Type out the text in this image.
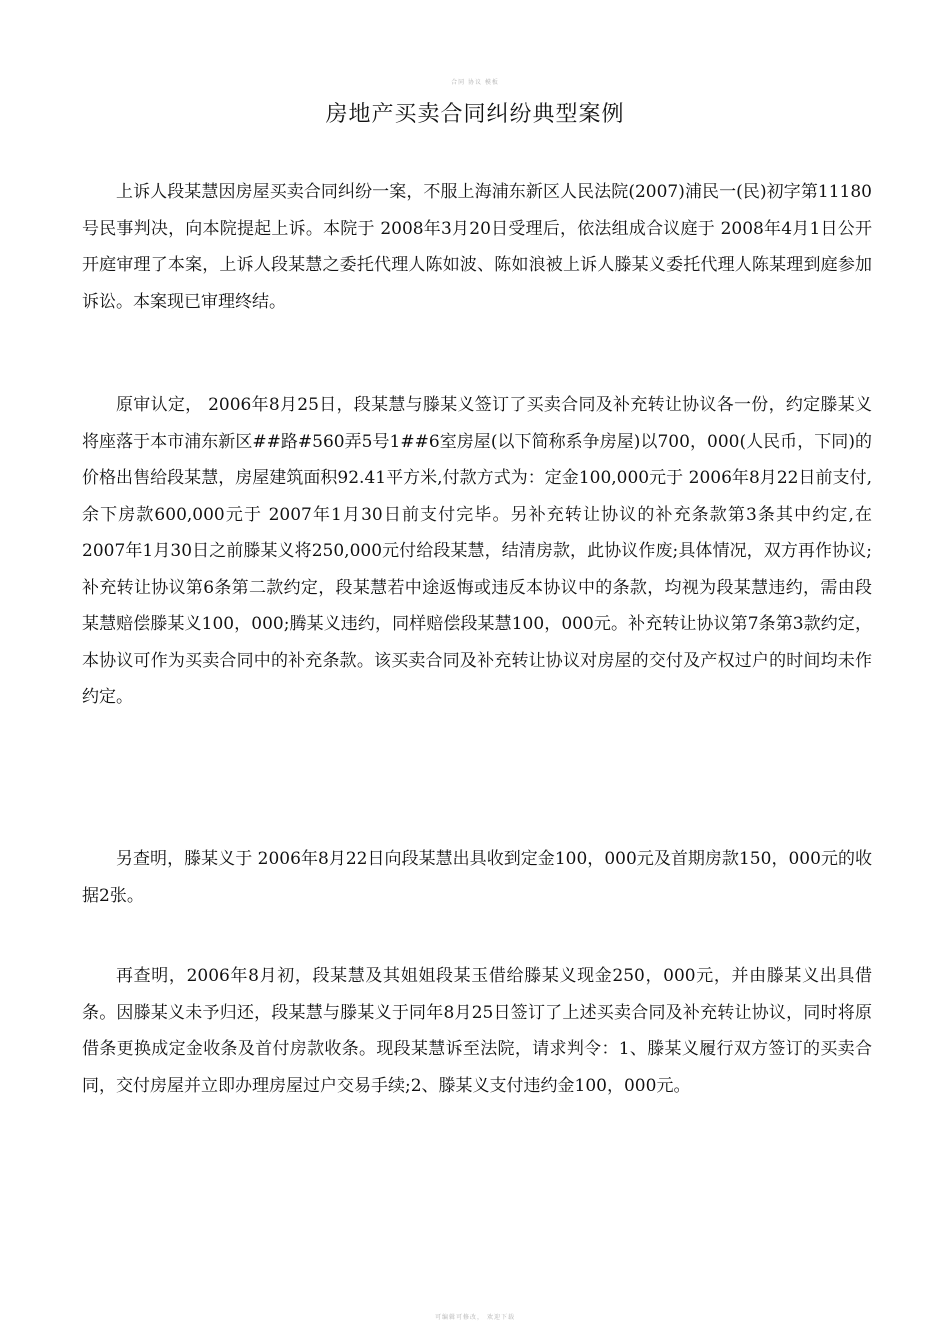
合同 协议 模板
房地产买卖合同纠纷典型案例

上诉人段某慧因房屋买卖合同纠纷一案，不服上海浦东新区人民法院(2007)浦民一(民)初字第11180号民事判决，向本院提起上诉。本院于 2008年3月20日受理后，依法组成合议庭于 2008年4月1日公开开庭审理了本案，上诉人段某慧之委托代理人陈如波、陈如浪被上诉人滕某义委托代理人陈某理到庭参加诉讼。本案现已审理终结。

原审认定， 2006年8月25日，段某慧与滕某义签订了买卖合同及补充转让协议各一份，约定滕某义将座落于本市浦东新区##路#560弄5号1##6室房屋(以下简称系争房屋)以700，000(人民币，下同)的价格出售给段某慧，房屋建筑面积92.41平方米,付款方式为：定金100,000元于 2006年8月22日前支付,余下房款600,000元于 2007年1月30日前支付完毕。另补充转让协议的补充条款第3条其中约定,在 2007年1月30日之前滕某义将250,000元付给段某慧，结清房款，此协议作废;具体情况，双方再作协议;补充转让协议第6条第二款约定，段某慧若中途返悔或违反本协议中的条款，均视为段某慧违约，需由段某慧赔偿滕某义100，000;腾某义违约，同样赔偿段某慧100，000元。补充转让协议第7条第3款约定，本协议可作为买卖合同中的补充条款。该买卖合同及补充转让协议对房屋的交付及产权过户的时间均未作约定。

另查明，滕某义于 2006年8月22日向段某慧出具收到定金100，000元及首期房款150，000元的收据2张。

再查明，2006年8月初，段某慧及其姐姐段某玉借给滕某义现金250，000元，并由滕某义出具借条。因滕某义未予归还，段某慧与滕某义于同年8月25日签订了上述买卖合同及补充转让协议，同时将原借条更换成定金收条及首付房款收条。现段某慧诉至法院，请求判令：1、滕某义履行双方签订的买卖合同，交付房屋并立即办理房屋过户交易手续;2、滕某义支付违约金100，000元。

可编辑可修改， 欢迎下载
